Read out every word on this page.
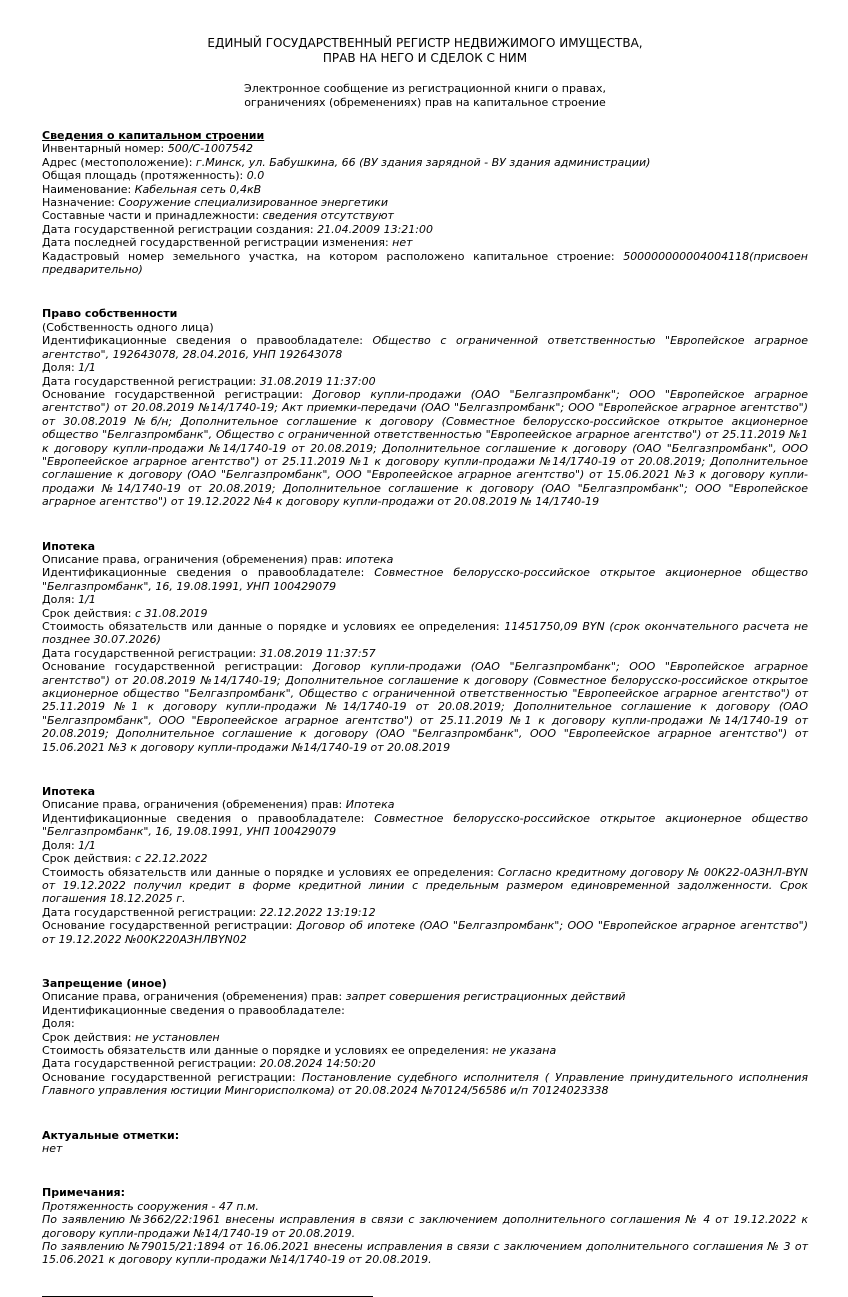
ЕДИНЫЙ ГОСУДАРСТВЕННЫЙ РЕГИСТР НЕДВИЖИМОГО ИМУЩЕСТВА,
ПРАВ НА НЕГО И СДЕЛОК С НИМ
Электронное сообщение из регистрационной книги о правах,
ограничениях (обременениях) прав на капитальное строение
Сведения о капитальном строении

Инвентарный номер: 500/С-1007542

Адрес (местоположение): г.Минск, ул. Бабушкина, 66 (ВУ здания зарядной - ВУ здания администрации)

Общая площадь (протяженность): 0.0

Наименование: Кабельная сеть 0,4кВ

Назначение: Сооружение специализированное энергетики

Составные части и принадлежности: сведения отсутствуют

Дата государственной регистрации создания: 21.04.2009 13:21:00

Дата последней государственной регистрации изменения: нет

Кадастровый номер земельного участка, на котором расположено капитальное строение: 500000000004004118(присвоен предварительно)

Право собственности

(Собственность одного лица)

Идентификационные сведения о правообладателе: Общество с ограниченной ответственностью "Европейское аграрное агентство", 192643078, 28.04.2016, УНП 192643078

Доля: 1/1

Дата государственной регистрации: 31.08.2019 11:37:00

Основание государственной регистрации: Договор купли-продажи (ОАО "Белгазпромбанк"; ООО "Европейское аграрное агентство") от 20.08.2019 №14/1740-19; Акт приемки-передачи (ОАО "Белгазпромбанк"; ООО "Европейское аграрное агентство") от 30.08.2019 №б/н; Дополнительное соглашение к договору (Совместное белорусско-российское открытое акционерное общество "Белгазпромбанк", Общество с ограниченной ответственностью "Европеейское аграрное агентство") от 25.11.2019 №1 к договору купли-продажи №14/1740-19 от 20.08.2019; Дополнительное соглашение к договору (ОАО "Белгазпромбанк", ООО "Европеейское аграрное агентство") от 25.11.2019 №1 к договору купли-продажи №14/1740-19 от 20.08.2019; Дополнительное соглашение к договору (ОАО "Белгазпромбанк", ООО "Европеейское аграрное агентство") от 15.06.2021 №3 к договору купли-продажи №14/1740-19 от 20.08.2019; Дополнительное соглашение к договору (ОАО "Белгазпромбанк"; ООО "Европейское аграрное агентство") от 19.12.2022 №4 к договору купли-продажи от 20.08.2019 № 14/1740-19

Ипотека

Описание права, ограничения (обременения) прав: ипотека

Идентификационные сведения о правообладателе: Совместное белорусско-российское открытое акционерное общество "Белгазпромбанк", 16, 19.08.1991, УНП 100429079

Доля: 1/1

Срок действия: с 31.08.2019

Стоимость обязательств или данные о порядке и условиях ее определения: 11451750,09 BYN (срок окончательного расчета не позднее 30.07.2026)

Дата государственной регистрации: 31.08.2019 11:37:57

Основание государственной регистрации: Договор купли-продажи (ОАО "Белгазпромбанк"; ООО "Европейское аграрное агентство") от 20.08.2019 №14/1740-19; Дополнительное соглашение к договору (Совместное белорусско-российское открытое акционерное общество "Белгазпромбанк", Общество с ограниченной ответственностью "Европеейское аграрное агентство") от 25.11.2019 №1 к договору купли-продажи №14/1740-19 от 20.08.2019; Дополнительное соглашение к договору (ОАО "Белгазпромбанк", ООО "Европеейское аграрное агентство") от 25.11.2019 №1 к договору купли-продажи №14/1740-19 от 20.08.2019; Дополнительное соглашение к договору (ОАО "Белгазпромбанк", ООО "Европеейское аграрное агентство") от 15.06.2021 №3 к договору купли-продажи №14/1740-19 от 20.08.2019

Ипотека

Описание права, ограничения (обременения) прав: Ипотека

Идентификационные сведения о правообладателе: Совместное белорусско-российское открытое акционерное общество "Белгазпромбанк", 16, 19.08.1991, УНП 100429079

Доля: 1/1

Срок действия: с 22.12.2022

Стоимость обязательств или данные о порядке и условиях ее определения: Согласно кредитному договору № 00К22-0АЗНЛ-BYN от 19.12.2022 получил кредит в форме кредитной линии с предельным размером единовременной задолженности. Срок погашения 18.12.2025 г.

Дата государственной регистрации: 22.12.2022 13:19:12

Основание государственной регистрации: Договор об ипотеке (ОАО "Белгазпромбанк"; ООО "Европейское аграрное агентство") от 19.12.2022 №00К220АЗНЛBYN02

Запрещение (иное)

Описание права, ограничения (обременения) прав: запрет совершения регистрационных действий

Идентификационные сведения о правообладателе:

Доля:

Срок действия: не установлен

Стоимость обязательств или данные о порядке и условиях ее определения: не указана

Дата государственной регистрации: 20.08.2024 14:50:20

Основание государственной регистрации: Постановление судебного исполнителя ( Управление принудительного исполнения Главного управления юстиции Мингорисполкома) от 20.08.2024 №70124/56586 и/п 70124023338

Актуальные отметки:

нет

Примечания:

Протяженность сооружения - 47 п.м.

По заявлению №3662/22:1961 внесены исправления в связи с заключением дополнительного соглашения № 4 от 19.12.2022 к договору купли-продажи №14/1740-19 от 20.08.2019.

По заявлению №79015/21:1894 от 16.06.2021 внесены исправления в связи с заключением дополнительного соглашения № 3 от 15.06.2021 к договору купли-продажи №14/1740-19 от 20.08.2019.
